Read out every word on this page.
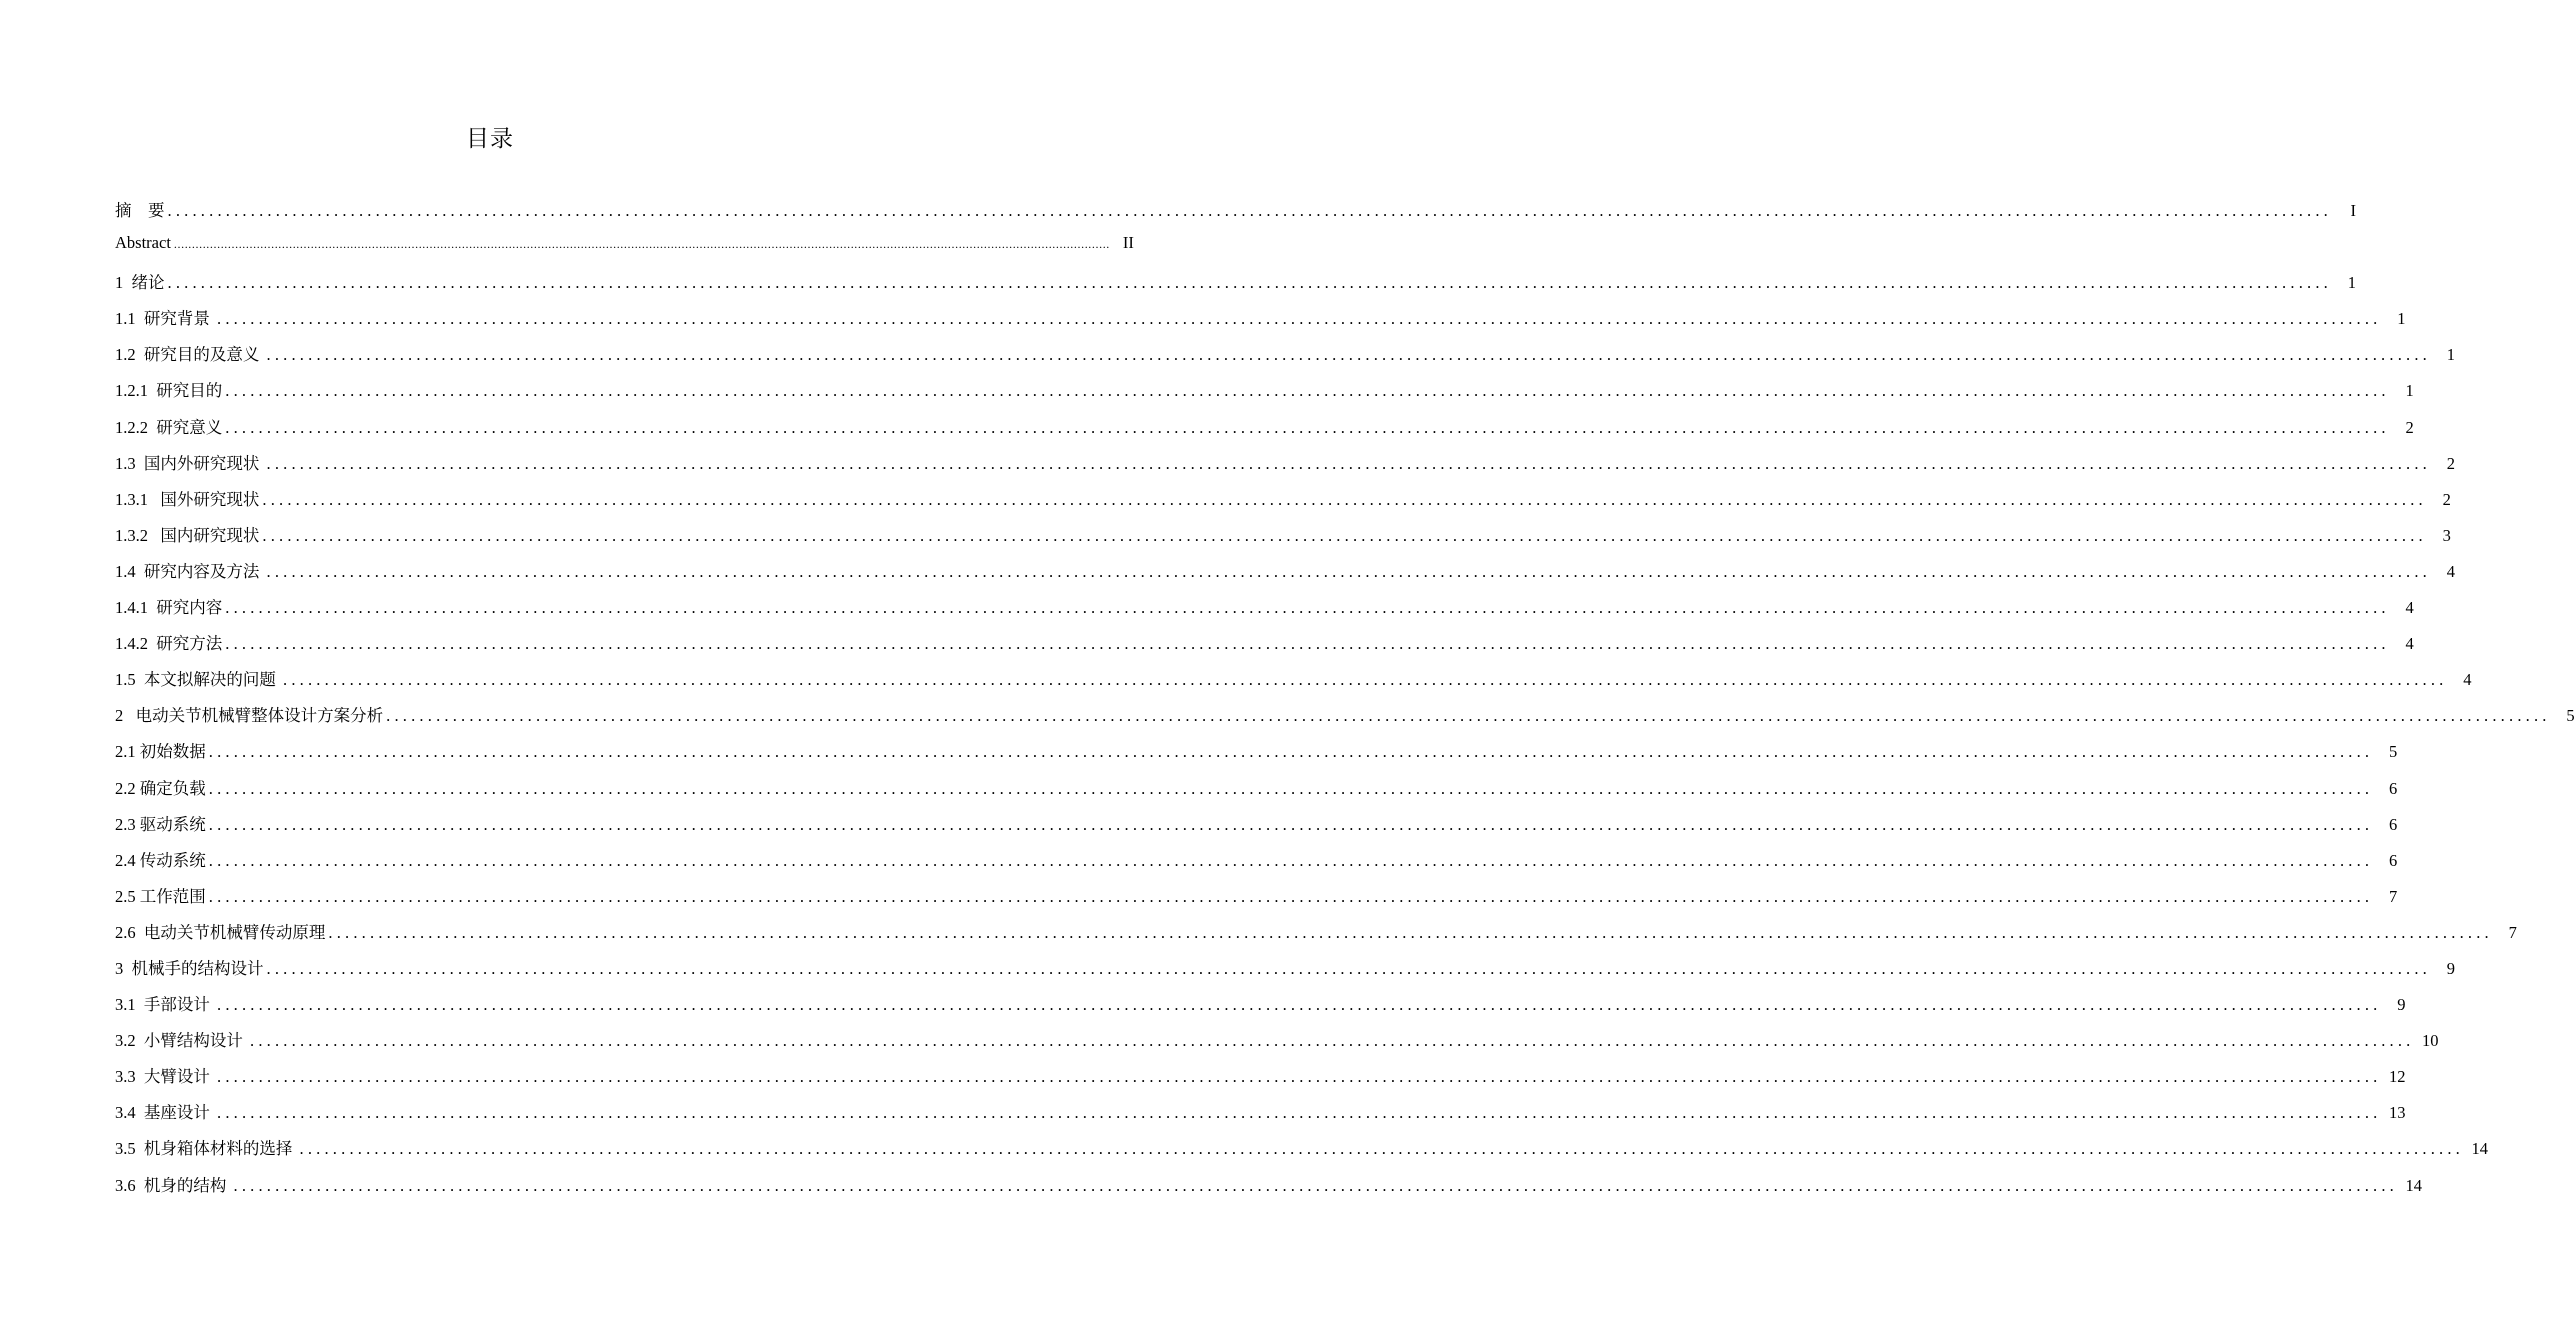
目录
摘    要 ....................................................................................................................................................................................................................................................................	I
Abstract .................................................................................................................................................................................................................................................................... II
1  绪论 .................................................................................................................................................................................................................................................................... 1
1.1  研究背景 .................................................................................................................................................................................................................................................................... 1
1.2  研究目的及意义 .................................................................................................................................................................................................................................................................... 1
1.2.1  研究目的 .................................................................................................................................................................................................................................................................... 1
1.2.2  研究意义 .................................................................................................................................................................................................................................................................... 2
1.3  国内外研究现状 .................................................................................................................................................................................................................................................................... 2
1.3.1   国外研究现状 .................................................................................................................................................................................................................................................................... 2
1.3.2   国内研究现状 .................................................................................................................................................................................................................................................................... 3
1.4  研究内容及方法 .................................................................................................................................................................................................................................................................... 4
1.4.1  研究内容 .................................................................................................................................................................................................................................................................... 4
1.4.2  研究方法 .................................................................................................................................................................................................................................................................... 4
1.5  本文拟解决的问题 .................................................................................................................................................................................................................................................................... 4
2   电动关节机械臂整体设计方案分析 .................................................................................................................................................................................................................................................................... 5
2.1 初始数据 .................................................................................................................................................................................................................................................................... 5
2.2 确定负载 .................................................................................................................................................................................................................................................................... 6
2.3 驱动系统 .................................................................................................................................................................................................................................................................... 6
2.4 传动系统 .................................................................................................................................................................................................................................................................... 6
2.5 工作范围 .................................................................................................................................................................................................................................................................... 7
2.6  电动关节机械臂传动原理 .................................................................................................................................................................................................................................................................... 7
3  机械手的结构设计 .................................................................................................................................................................................................................................................................... 9
3.1  手部设计 .................................................................................................................................................................................................................................................................... 9
3.2  小臂结构设计 .................................................................................................................................................................................................................................................................... 10
3.3  大臂设计 .................................................................................................................................................................................................................................................................... 12
3.4  基座设计 .................................................................................................................................................................................................................................................................... 13
3.5  机身箱体材料的选择 .................................................................................................................................................................................................................................................................... 14
3.6  机身的结构 .................................................................................................................................................................................................................................................................... 14
